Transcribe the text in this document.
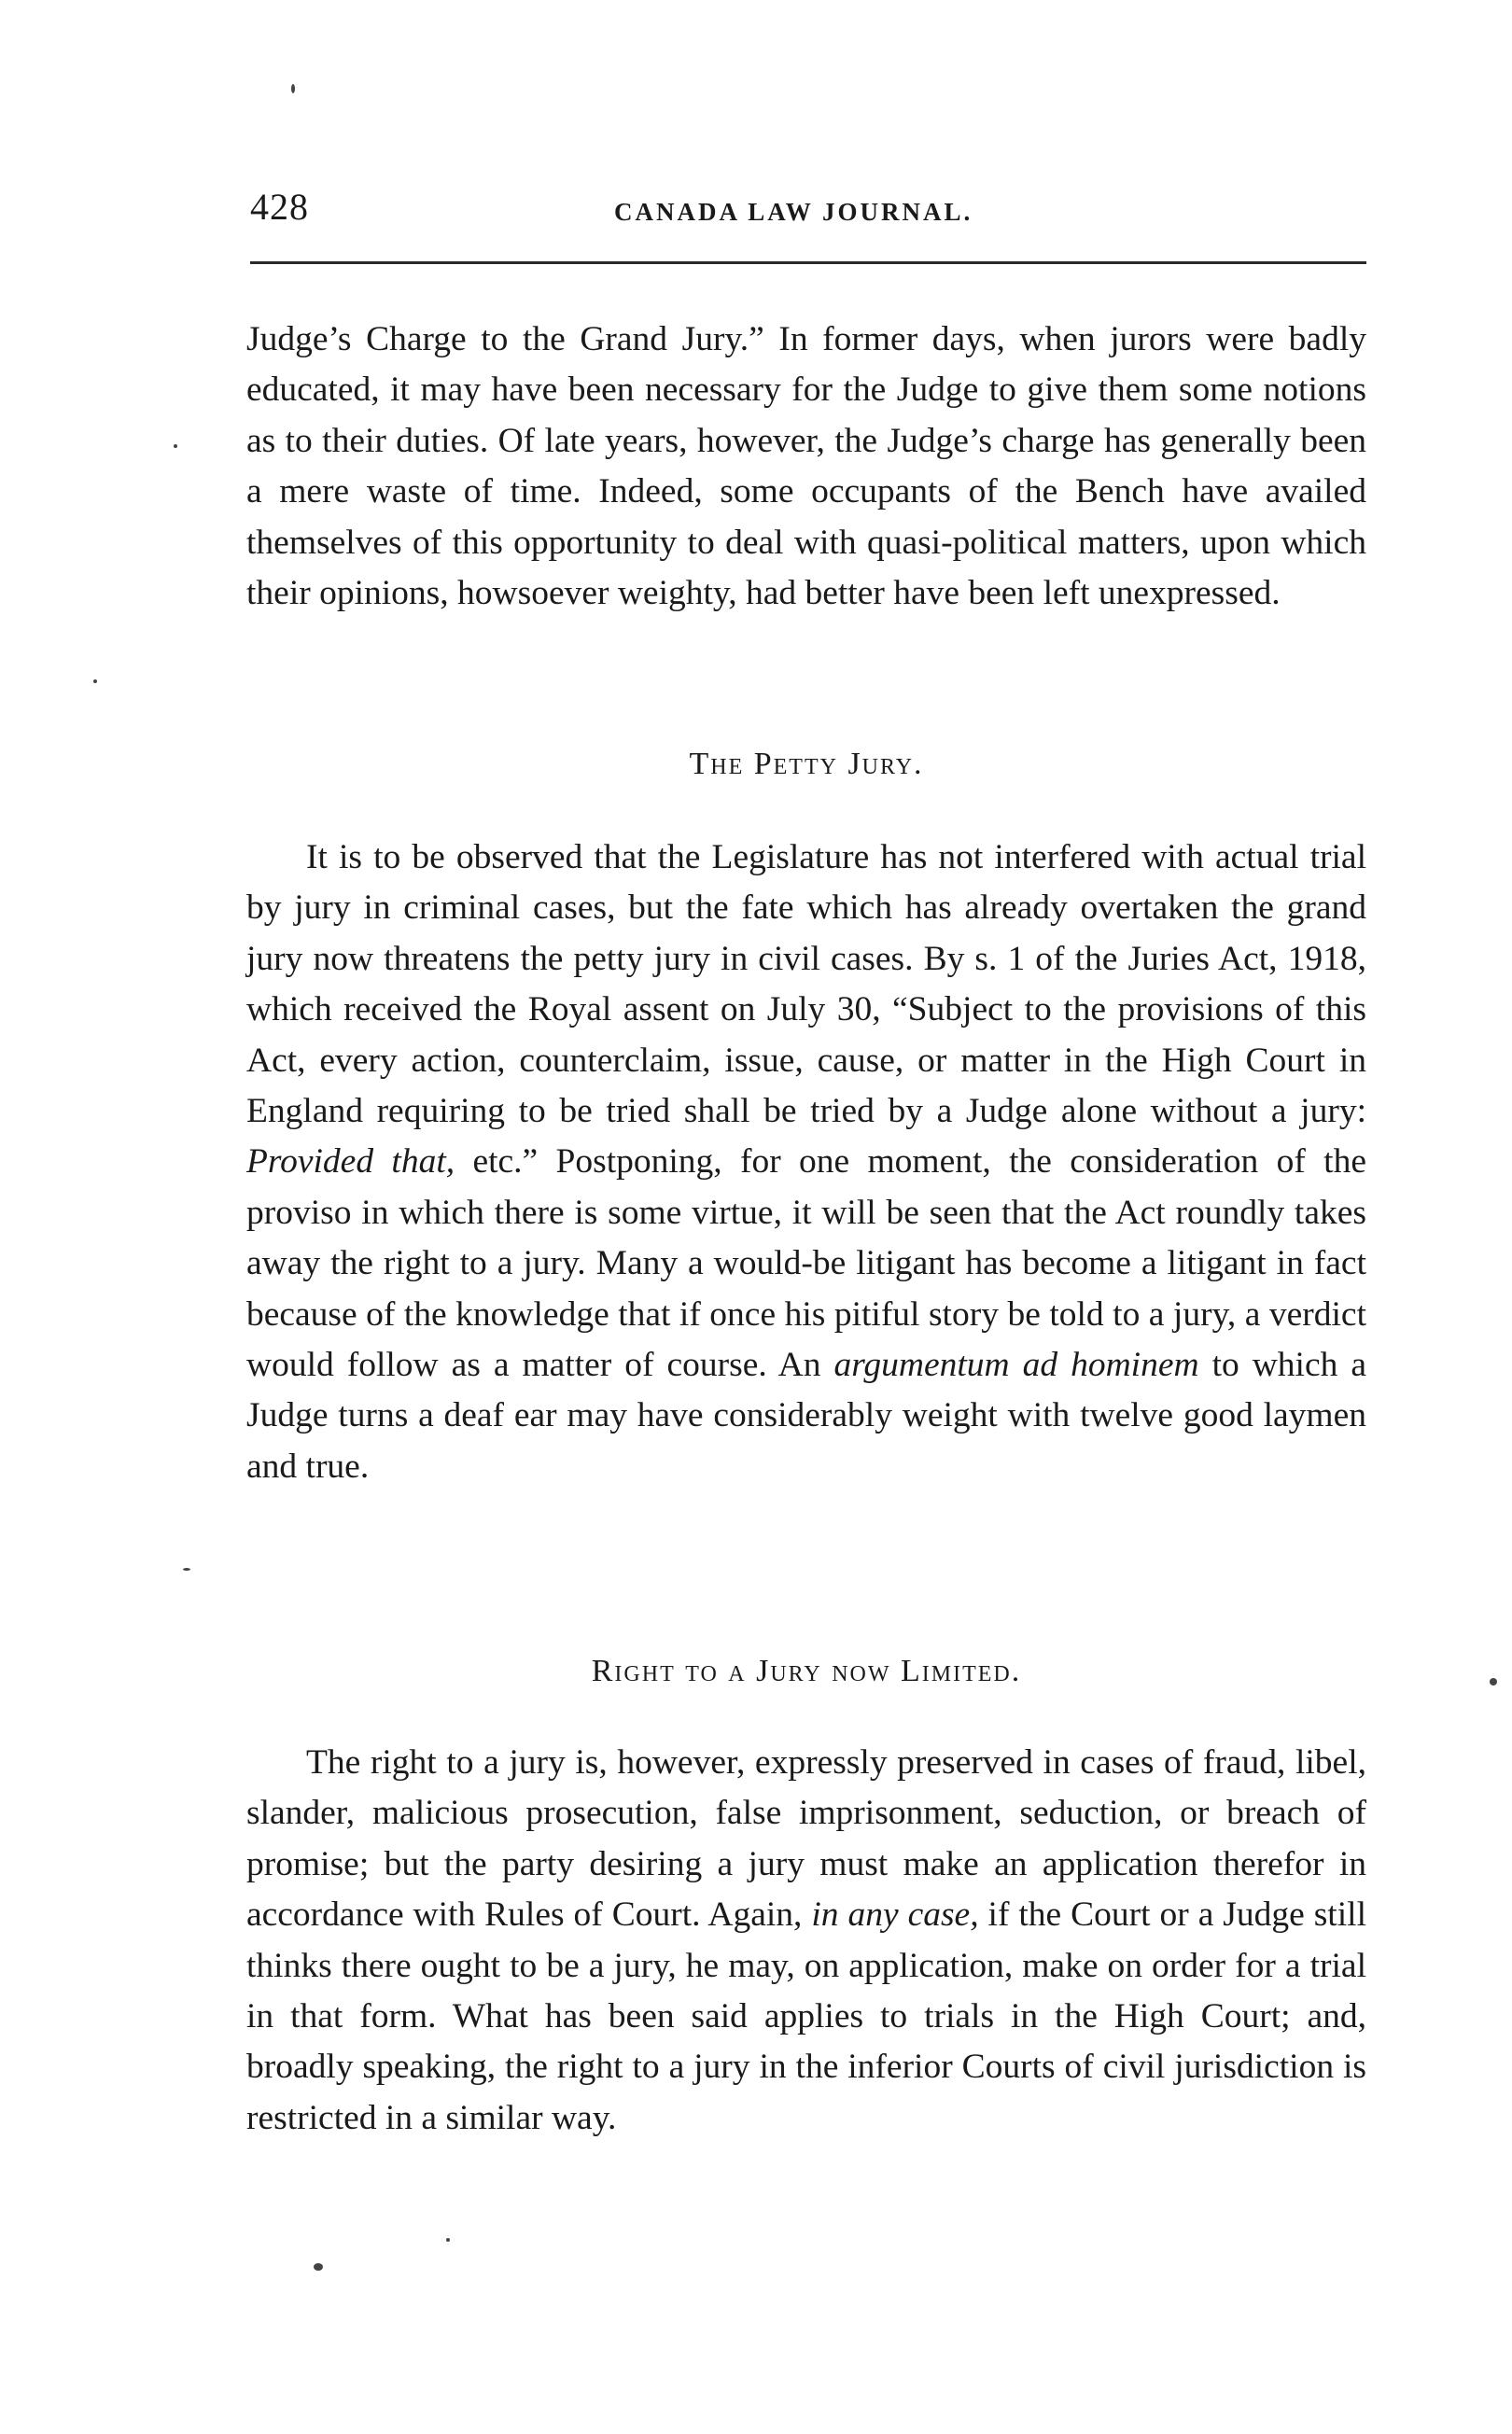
428	CANADA LAW JOURNAL.

Judge’s Charge to the Grand Jury.” In former days, when jurors were badly educated, it may have been necessary for the Judge to give them some notions as to their duties. Of late years, however, the Judge’s charge has generally been a mere waste of time. Indeed, some occupants of the Bench have availed themselves of this opportunity to deal with quasi-political matters, upon which their opinions, howsoever weighty, had better have been left unexpressed.

The Petty Jury.

It is to be observed that the Legislature has not interfered with actual trial by jury in criminal cases, but the fate which has already overtaken the grand jury now threatens the petty jury in civil cases. By s. 1 of the Juries Act, 1918, which received the Royal assent on July 30, “Subject to the provisions of this Act, every action, counterclaim, issue, cause, or matter in the High Court in England requiring to be tried shall be tried by a Judge alone without a jury: Provided that, etc.” Postponing, for one moment, the consideration of the proviso in which there is some virtue, it will be seen that the Act roundly takes away the right to a jury. Many a would-be litigant has become a litigant in fact because of the knowledge that if once his pitiful story be told to a jury, a verdict would follow as a matter of course. An argumentum ad hominem to which a Judge turns a deaf ear may have considerably weight with twelve good laymen and true.

Right to a Jury now Limited.

The right to a jury is, however, expressly preserved in cases of fraud, libel, slander, malicious prosecution, false imprisonment, seduction, or breach of promise; but the party desiring a jury must make an application therefor in accordance with Rules of Court. Again, in any case, if the Court or a Judge still thinks there ought to be a jury, he may, on application, make on order for a trial in that form. What has been said applies to trials in the High Court; and, broadly speaking, the right to a jury in the inferior Courts of civil jurisdiction is restricted in a similar way.
